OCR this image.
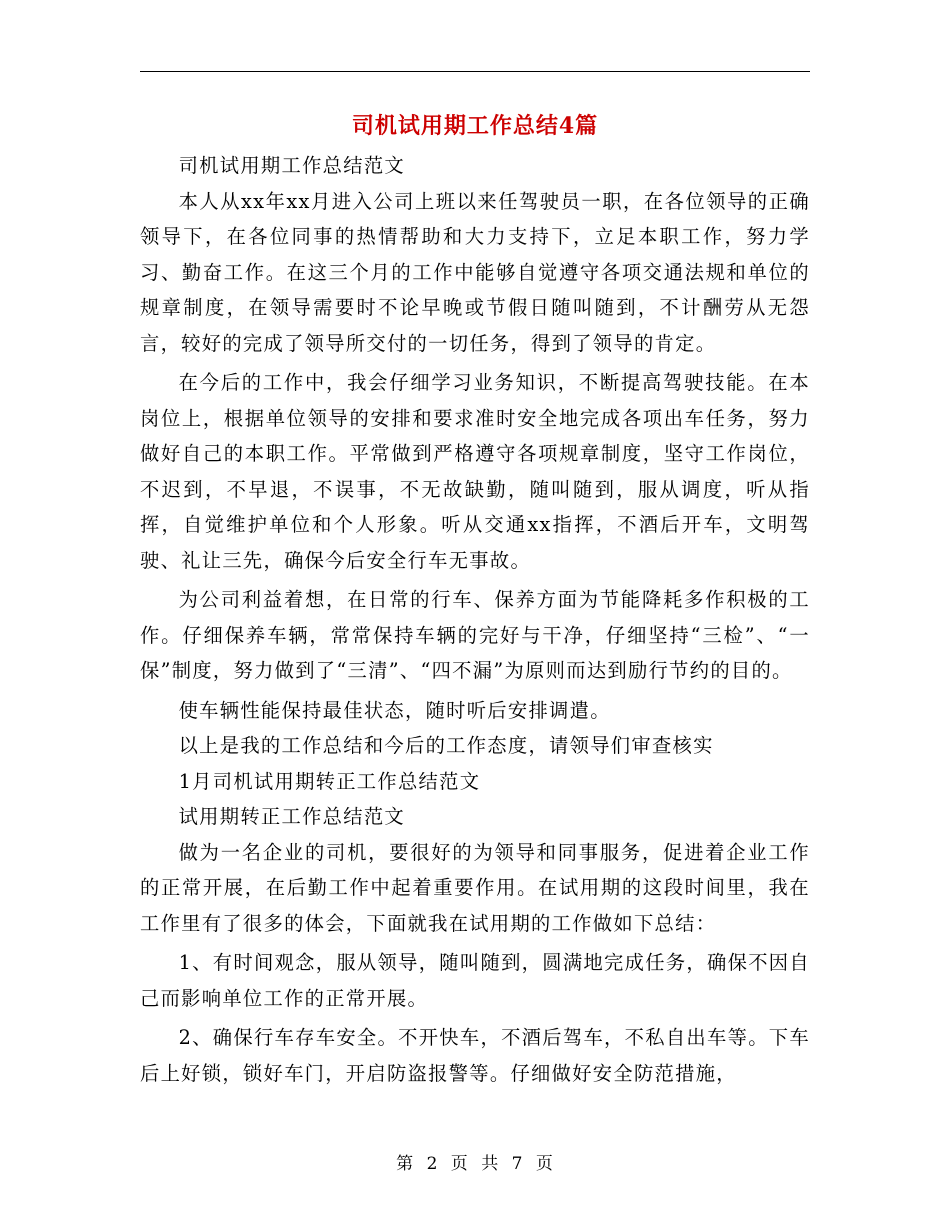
司机试用期工作总结4篇

司机试用期工作总结范文

本人从xx年xx月进入公司上班以来任驾驶员一职，在各位领导的正确领导下，在各位同事的热情帮助和大力支持下，立足本职工作，努力学习、勤奋工作。在这三个月的工作中能够自觉遵守各项交通法规和单位的规章制度，在领导需要时不论早晚或节假日随叫随到，不计酬劳从无怨言，较好的完成了领导所交付的一切任务，得到了领导的肯定。

在今后的工作中，我会仔细学习业务知识，不断提高驾驶技能。在本岗位上，根据单位领导的安排和要求准时安全地完成各项出车任务，努力做好自己的本职工作。平常做到严格遵守各项规章制度，坚守工作岗位，不迟到，不早退，不误事，不无故缺勤，随叫随到，服从调度，听从指挥，自觉维护单位和个人形象。听从交通xx指挥，不酒后开车，文明驾驶、礼让三先，确保今后安全行车无事故。

为公司利益着想，在日常的行车、保养方面为节能降耗多作积极的工作。仔细保养车辆，常常保持车辆的完好与干净，仔细坚持“三检”、“一保”制度，努力做到了“三清”、“四不漏”为原则而达到励行节约的目的。

使车辆性能保持最佳状态，随时听后安排调遣。

以上是我的工作总结和今后的工作态度，请领导们审查核实

1月司机试用期转正工作总结范文

试用期转正工作总结范文

做为一名企业的司机，要很好的为领导和同事服务，促进着企业工作的正常开展，在后勤工作中起着重要作用。在试用期的这段时间里，我在工作里有了很多的体会，下面就我在试用期的工作做如下总结：

1、有时间观念，服从领导，随叫随到，圆满地完成任务，确保不因自己而影响单位工作的正常开展。

2、确保行车存车安全。不开快车，不酒后驾车，不私自出车等。下车后上好锁，锁好车门，开启防盗报警等。仔细做好安全防范措施，

第 2 页 共 7 页
